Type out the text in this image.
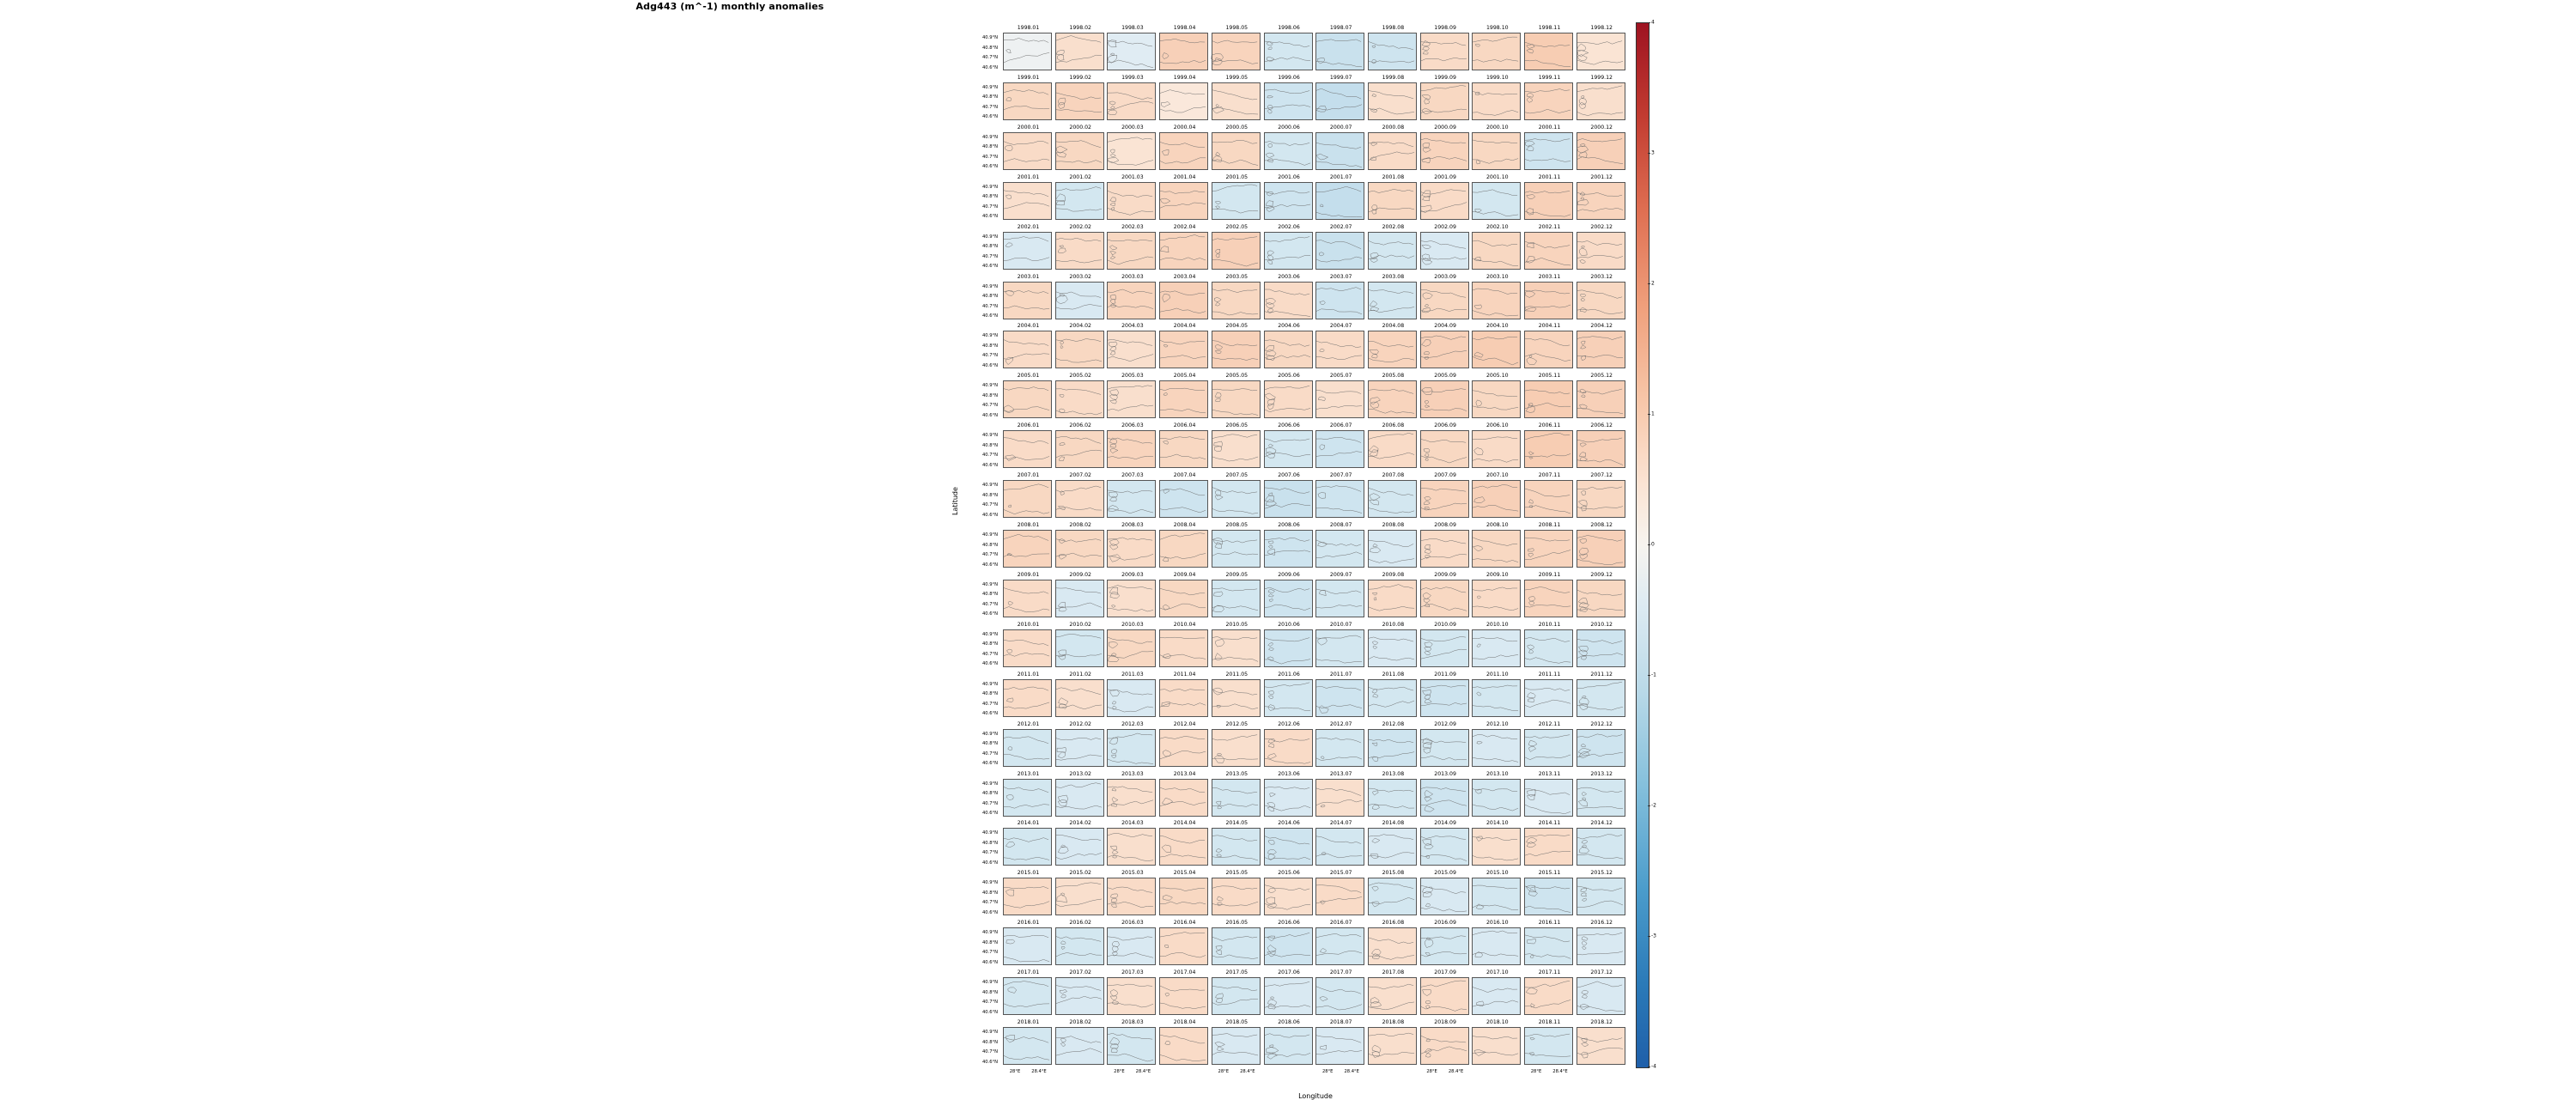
Adg443 (m^-1) monthly anomalies
40.9°N
40.8°N
40.7°N
40.6°N
1998.01	1998.02	1998.03	1998.04	1998.05	1998.06	1998.07	1998.08	1998.09	1998.10	1998.11	1998.12
40.9°N
40.8°N
40.7°N
40.6°N
1999.01	1999.02	1999.03	1999.04	1999.05	1999.06	1999.07	1999.08	1999.09	1999.10	1999.11	1999.12
40.9°N
40.8°N
40.7°N
40.6°N
2000.01	2000.02	2000.03	2000.04	2000.05	2000.06	2000.07	2000.08	2000.09	2000.10	2000.11	2000.12
40.9°N
40.8°N
40.7°N
40.6°N
2001.01	2001.02	2001.03	2001.04	2001.05	2001.06	2001.07	2001.08	2001.09	2001.10	2001.11	2001.12
40.9°N
40.8°N
40.7°N
40.6°N
2002.01	2002.02	2002.03	2002.04	2002.05	2002.06	2002.07	2002.08	2002.09	2002.10	2002.11	2002.12
40.9°N
40.8°N
40.7°N
40.6°N
2003.01	2003.02	2003.03	2003.04	2003.05	2003.06	2003.07	2003.08	2003.09	2003.10	2003.11	2003.12
40.9°N
40.8°N
40.7°N
40.6°N
2004.01	2004.02	2004.03	2004.04	2004.05	2004.06	2004.07	2004.08	2004.09	2004.10	2004.11	2004.12
40.9°N
40.8°N
40.7°N
40.6°N
2005.01	2005.02	2005.03	2005.04	2005.05	2005.06	2005.07	2005.08	2005.09	2005.10	2005.11	2005.12
40.9°N
40.8°N
40.7°N
40.6°N
2006.01	2006.02	2006.03	2006.04	2006.05	2006.06	2006.07	2006.08	2006.09	2006.10	2006.11	2006.12
40.9°N
40.8°N
40.7°N
40.6°N
2007.01	2007.02	2007.03	2007.04	2007.05	2007.06	2007.07	2007.08	2007.09	2007.10	2007.11	2007.12
40.9°N
40.8°N
40.7°N
40.6°N
2008.01	2008.02	2008.03	2008.04	2008.05	2008.06	2008.07	2008.08	2008.09	2008.10	2008.11	2008.12
40.9°N
40.8°N
40.7°N
40.6°N
2009.01	2009.02	2009.03	2009.04	2009.05	2009.06	2009.07	2009.08	2009.09	2009.10	2009.11	2009.12
40.9°N
40.8°N
40.7°N
40.6°N
2010.01	2010.02	2010.03	2010.04	2010.05	2010.06	2010.07	2010.08	2010.09	2010.10	2010.11	2010.12
40.9°N
40.8°N
40.7°N
40.6°N
2011.01	2011.02	2011.03	2011.04	2011.05	2011.06	2011.07	2011.08	2011.09	2011.10	2011.11	2011.12
40.9°N
40.8°N
40.7°N
40.6°N
2012.01	2012.02	2012.03	2012.04	2012.05	2012.06	2012.07	2012.08	2012.09	2012.10	2012.11	2012.12
40.9°N
40.8°N
40.7°N
40.6°N
2013.01	2013.02	2013.03	2013.04	2013.05	2013.06	2013.07	2013.08	2013.09	2013.10	2013.11	2013.12
40.9°N
40.8°N
40.7°N
40.6°N
2014.01	2014.02	2014.03	2014.04	2014.05	2014.06	2014.07	2014.08	2014.09	2014.10	2014.11	2014.12
40.9°N
40.8°N
40.7°N
40.6°N
2015.01	2015.02	2015.03	2015.04	2015.05	2015.06	2015.07	2015.08	2015.09	2015.10	2015.11	2015.12
40.9°N
40.8°N
40.7°N
40.6°N
2016.01	2016.02	2016.03	2016.04	2016.05	2016.06	2016.07	2016.08	2016.09	2016.10	2016.11	2016.12
40.9°N
40.8°N
40.7°N
40.6°N
2017.01	2017.02	2017.03	2017.04	2017.05	2017.06	2017.07	2017.08	2017.09	2017.10	2017.11	2017.12
40.9°N
40.8°N
40.7°N
40.6°N
2018.01	2018.02	2018.03	2018.04	2018.05	2018.06	2018.07	2018.08	2018.09	2018.10	2018.11	2018.12
28°E	28.4°E	28°E	28.4°E	28°E	28.4°E	28°E	28.4°E	28°E	28.4°E	28°E	28.4°E
Longitude
Latitude
-4
-3
-2
-1
0
1
2
3
4
